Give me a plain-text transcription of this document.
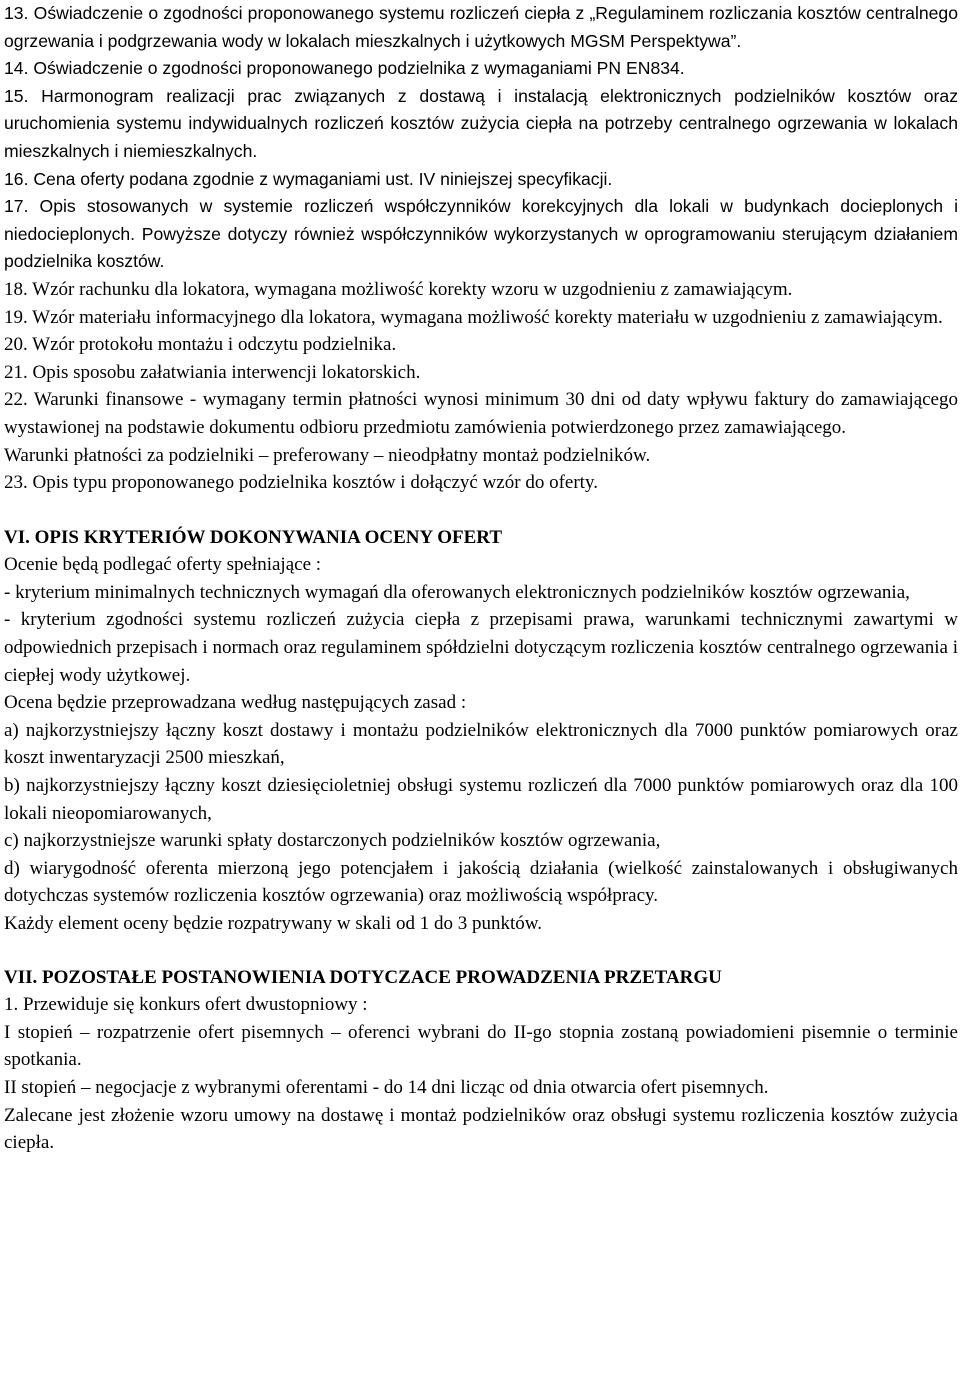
13. Oświadczenie o zgodności proponowanego systemu rozliczeń ciepła z „Regulaminem rozliczania kosztów centralnego ogrzewania i podgrzewania wody w lokalach mieszkalnych i użytkowych MGSM Perspektywa”.

14. Oświadczenie o zgodności proponowanego podzielnika z wymaganiami PN EN834.

15. Harmonogram realizacji prac związanych z dostawą i instalacją elektronicznych podzielników kosztów oraz uruchomienia systemu indywidualnych rozliczeń kosztów zużycia ciepła na potrzeby centralnego ogrzewania w lokalach mieszkalnych i niemieszkalnych.

16. Cena oferty podana zgodnie z wymaganiami ust. IV niniejszej specyfikacji.

17. Opis stosowanych w systemie rozliczeń współczynników korekcyjnych dla lokali w budynkach docieplonych i niedocieplonych. Powyższe dotyczy również współczynników wykorzystanych w oprogramowaniu sterującym działaniem podzielnika kosztów.

18. Wzór rachunku dla lokatora, wymagana możliwość korekty wzoru w uzgodnieniu z zamawiającym.

19. Wzór materiału informacyjnego dla lokatora, wymagana możliwość korekty materiału w uzgodnieniu z zamawiającym.

20. Wzór protokołu montażu i odczytu podzielnika.

21. Opis sposobu załatwiania interwencji lokatorskich.

22. Warunki finansowe - wymagany termin płatności wynosi minimum 30 dni od daty wpływu faktury do zamawiającego wystawionej na podstawie dokumentu odbioru przedmiotu zamówienia potwierdzonego przez zamawiającego.

Warunki płatności za podzielniki – preferowany – nieodpłatny montaż podzielników.

23. Opis typu proponowanego podzielnika kosztów i dołączyć wzór do oferty.

VI. OPIS KRYTERIÓW DOKONYWANIA OCENY OFERT

Ocenie będą podlegać oferty spełniające :

- kryterium minimalnych technicznych wymagań dla oferowanych elektronicznych podzielników kosztów ogrzewania,

- kryterium zgodności systemu rozliczeń zużycia ciepła z przepisami prawa, warunkami technicznymi zawartymi w odpowiednich przepisach i normach oraz regulaminem spółdzielni dotyczącym rozliczenia kosztów centralnego ogrzewania i ciepłej wody użytkowej.

Ocena będzie przeprowadzana według następujących zasad :

a) najkorzystniejszy łączny koszt dostawy i montażu podzielników elektronicznych dla 7000 punktów pomiarowych oraz koszt inwentaryzacji 2500 mieszkań,

b) najkorzystniejszy łączny koszt dziesięcioletniej obsługi systemu rozliczeń dla 7000 punktów pomiarowych oraz dla 100 lokali nieopomiarowanych,

c) najkorzystniejsze warunki spłaty dostarczonych podzielników kosztów ogrzewania,

d) wiarygodność oferenta mierzoną jego potencjałem i jakością działania (wielkość zainstalowanych i obsługiwanych dotychczas systemów rozliczenia kosztów ogrzewania) oraz możliwością współpracy.

Każdy element oceny będzie rozpatrywany w skali od 1 do 3 punktów.

VII. POZOSTAŁE POSTANOWIENIA DOTYCZACE PROWADZENIA PRZETARGU

1. Przewiduje się konkurs ofert dwustopniowy :

I stopień – rozpatrzenie ofert pisemnych – oferenci wybrani do II-go stopnia zostaną powiadomieni pisemnie o terminie spotkania.

II stopień – negocjacje z wybranymi oferentami - do 14 dni licząc od dnia otwarcia ofert pisemnych.

Zalecane jest złożenie wzoru umowy na dostawę i montaż podzielników oraz obsługi systemu rozliczenia kosztów zużycia ciepła.
